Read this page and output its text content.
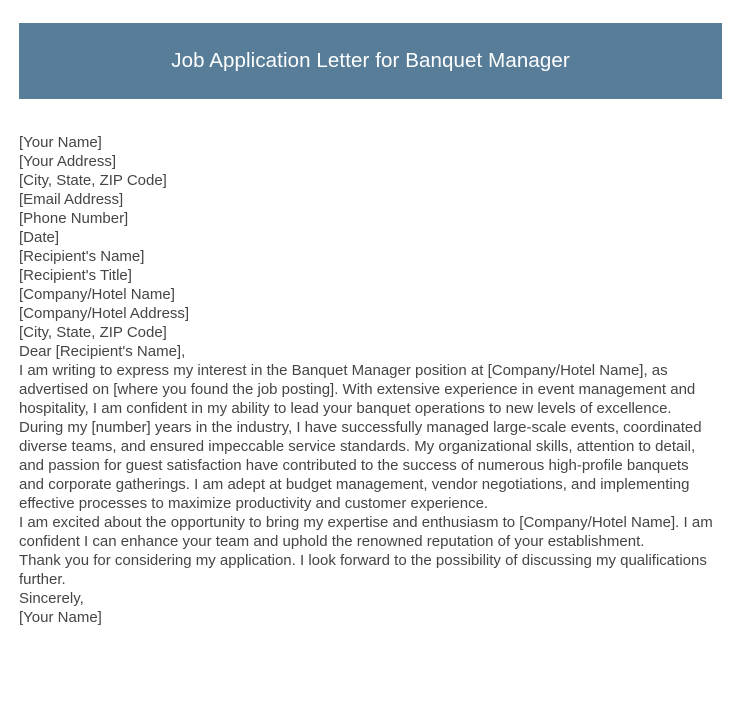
Job Application Letter for Banquet Manager
[Your Name]
[Your Address]
[City, State, ZIP Code]
[Email Address]
[Phone Number]
[Date]
[Recipient's Name]
[Recipient's Title]
[Company/Hotel Name]
[Company/Hotel Address]
[City, State, ZIP Code]
Dear [Recipient's Name],

I am writing to express my interest in the Banquet Manager position at [Company/Hotel Name], as advertised on [where you found the job posting]. With extensive experience in event management and hospitality, I am confident in my ability to lead your banquet operations to new levels of excellence.

During my [number] years in the industry, I have successfully managed large-scale events, coordinated diverse teams, and ensured impeccable service standards. My organizational skills, attention to detail, and passion for guest satisfaction have contributed to the success of numerous high-profile banquets and corporate gatherings. I am adept at budget management, vendor negotiations, and implementing effective processes to maximize productivity and customer experience.

I am excited about the opportunity to bring my expertise and enthusiasm to [Company/Hotel Name]. I am confident I can enhance your team and uphold the renowned reputation of your establishment.

Thank you for considering my application. I look forward to the possibility of discussing my qualifications further.

Sincerely,
[Your Name]
